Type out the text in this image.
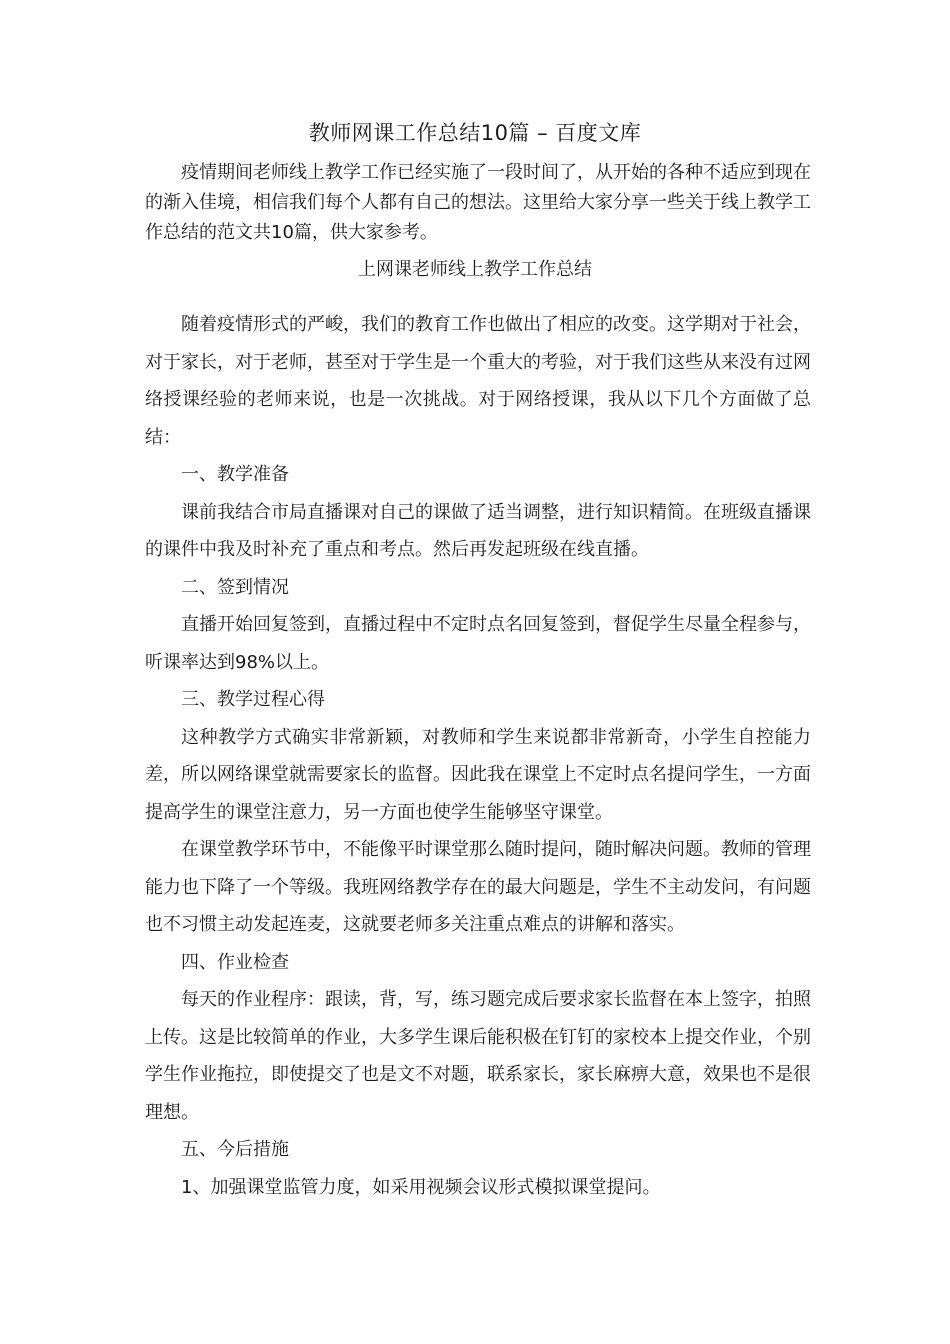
教师网课工作总结10篇 – 百度文库

疫情期间老师线上教学工作已经实施了一段时间了，从开始的各种不适应到现在的渐入佳境，相信我们每个人都有自己的想法。这里给大家分享一些关于线上教学工作总结的范文共10篇，供大家参考。

上网课老师线上教学工作总结

随着疫情形式的严峻，我们的教育工作也做出了相应的改变。这学期对于社会，对于家长，对于老师，甚至对于学生是一个重大的考验，对于我们这些从来没有过网络授课经验的老师来说，也是一次挑战。对于网络授课，我从以下几个方面做了总结：

一、教学准备

课前我结合市局直播课对自己的课做了适当调整，进行知识精简。在班级直播课的课件中我及时补充了重点和考点。然后再发起班级在线直播。

二、签到情况

直播开始回复签到，直播过程中不定时点名回复签到，督促学生尽量全程参与，听课率达到98%以上。

三、教学过程心得

这种教学方式确实非常新颖，对教师和学生来说都非常新奇，小学生自控能力差，所以网络课堂就需要家长的监督。因此我在课堂上不定时点名提问学生，一方面提高学生的课堂注意力，另一方面也使学生能够坚守课堂。

在课堂教学环节中，不能像平时课堂那么随时提问，随时解决问题。教师的管理能力也下降了一个等级。我班网络教学存在的最大问题是，学生不主动发问，有问题也不习惯主动发起连麦，这就要老师多关注重点难点的讲解和落实。

四、作业检查

每天的作业程序：跟读，背，写，练习题完成后要求家长监督在本上签字，拍照上传。这是比较简单的作业，大多学生课后能积极在钉钉的家校本上提交作业，个别学生作业拖拉，即使提交了也是文不对题，联系家长，家长麻痹大意，效果也不是很理想。

五、今后措施

1、加强课堂监管力度，如采用视频会议形式模拟课堂提问。
